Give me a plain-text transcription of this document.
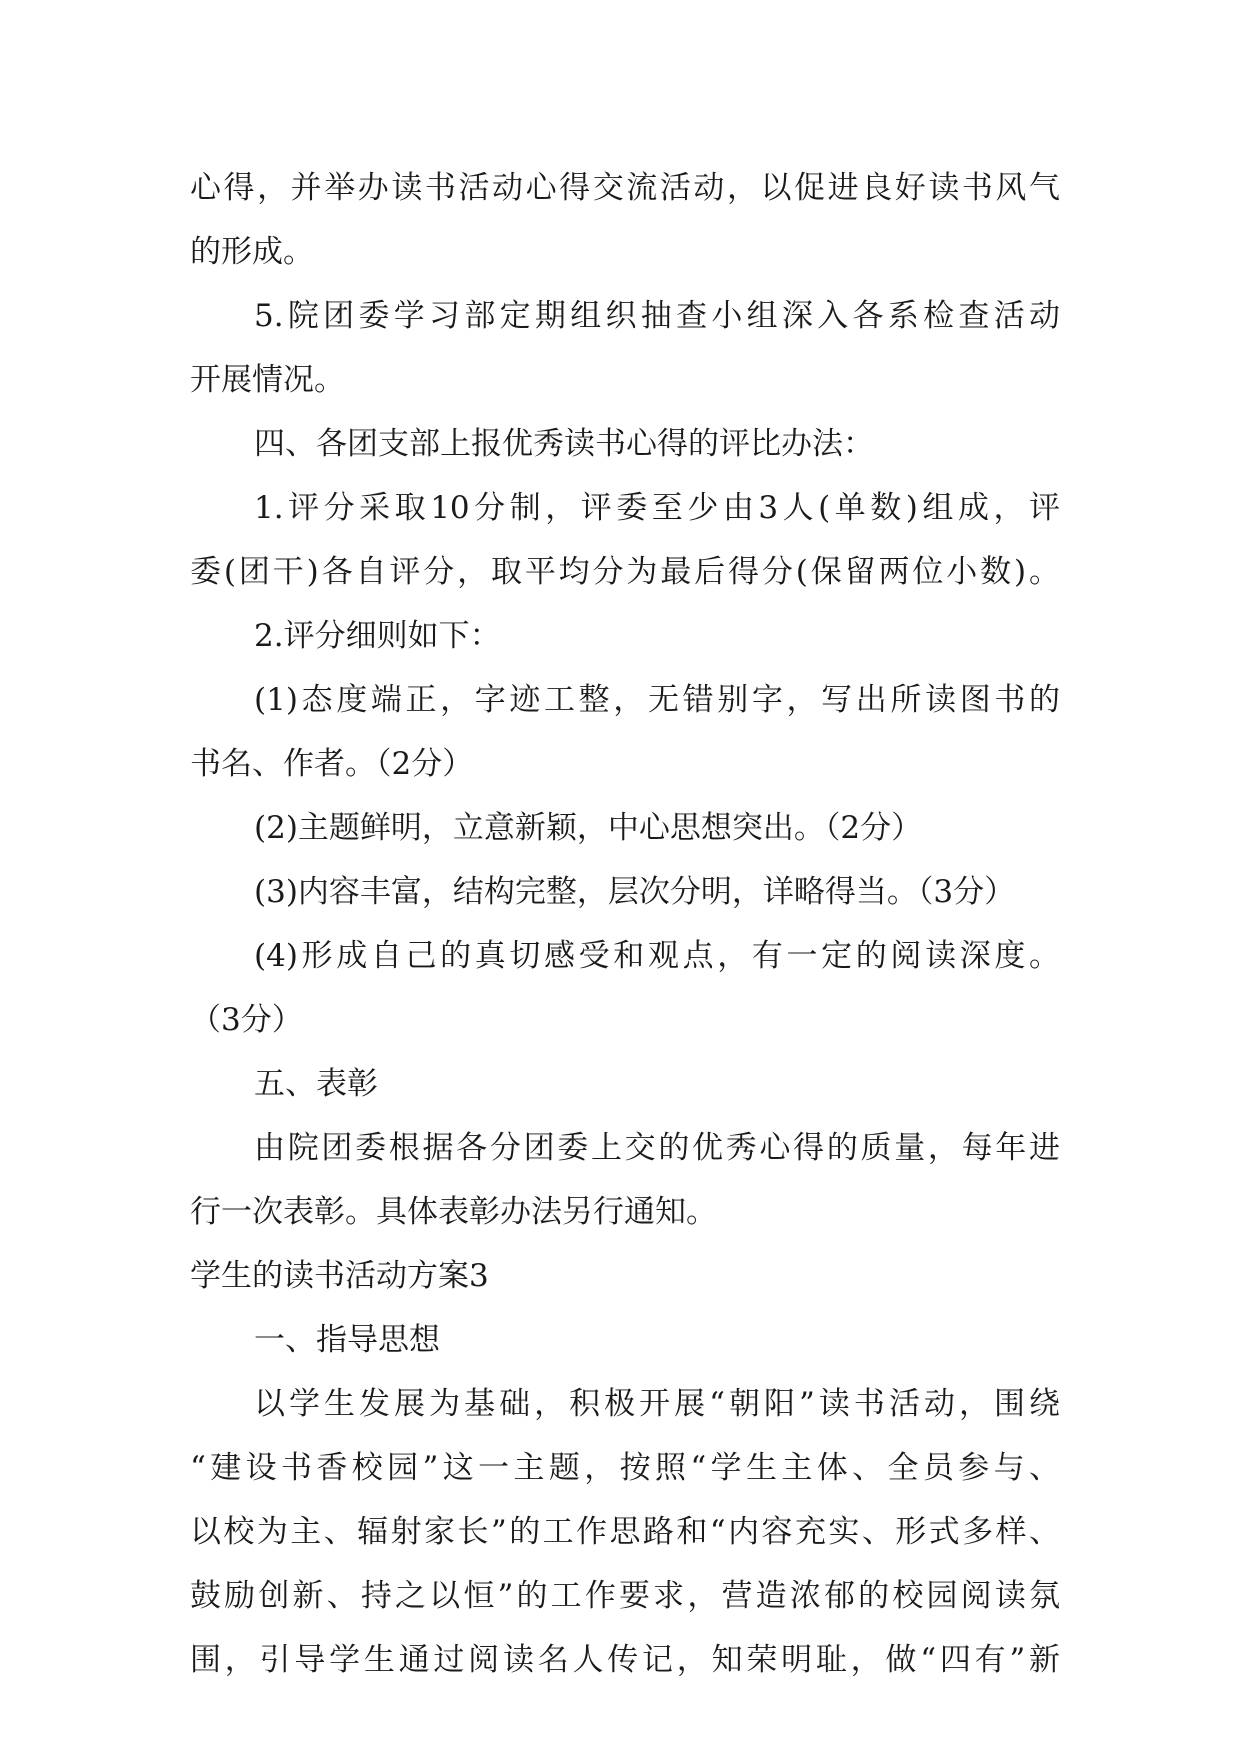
心得，并举办读书活动心得交流活动，以促进良好读书风气
的形成。
5.院团委学习部定期组织抽查小组深入各系检查活动
开展情况。
四、各团支部上报优秀读书心得的评比办法：
1.评分采取10分制，评委至少由3人(单数)组成，评
委(团干)各自评分，取平均分为最后得分(保留两位小数)。
2.评分细则如下：
(1)态度端正，字迹工整，无错别字，写出所读图书的
书名、作者。（2分）
(2)主题鲜明，立意新颖，中心思想突出。（2分）
(3)内容丰富，结构完整，层次分明，详略得当。（3分）
(4)形成自己的真切感受和观点，有一定的阅读深度。
（3分）
五、表彰
由院团委根据各分团委上交的优秀心得的质量，每年进
行一次表彰。具体表彰办法另行通知。
学生的读书活动方案3
一、指导思想
以学生发展为基础，积极开展“朝阳”读书活动，围绕
“建设书香校园”这一主题，按照“学生主体、全员参与、
以校为主、辐射家长”的工作思路和“内容充实、形式多样、
鼓励创新、持之以恒”的工作要求，营造浓郁的校园阅读氛
围，引导学生通过阅读名人传记，知荣明耻，做“四有”新
